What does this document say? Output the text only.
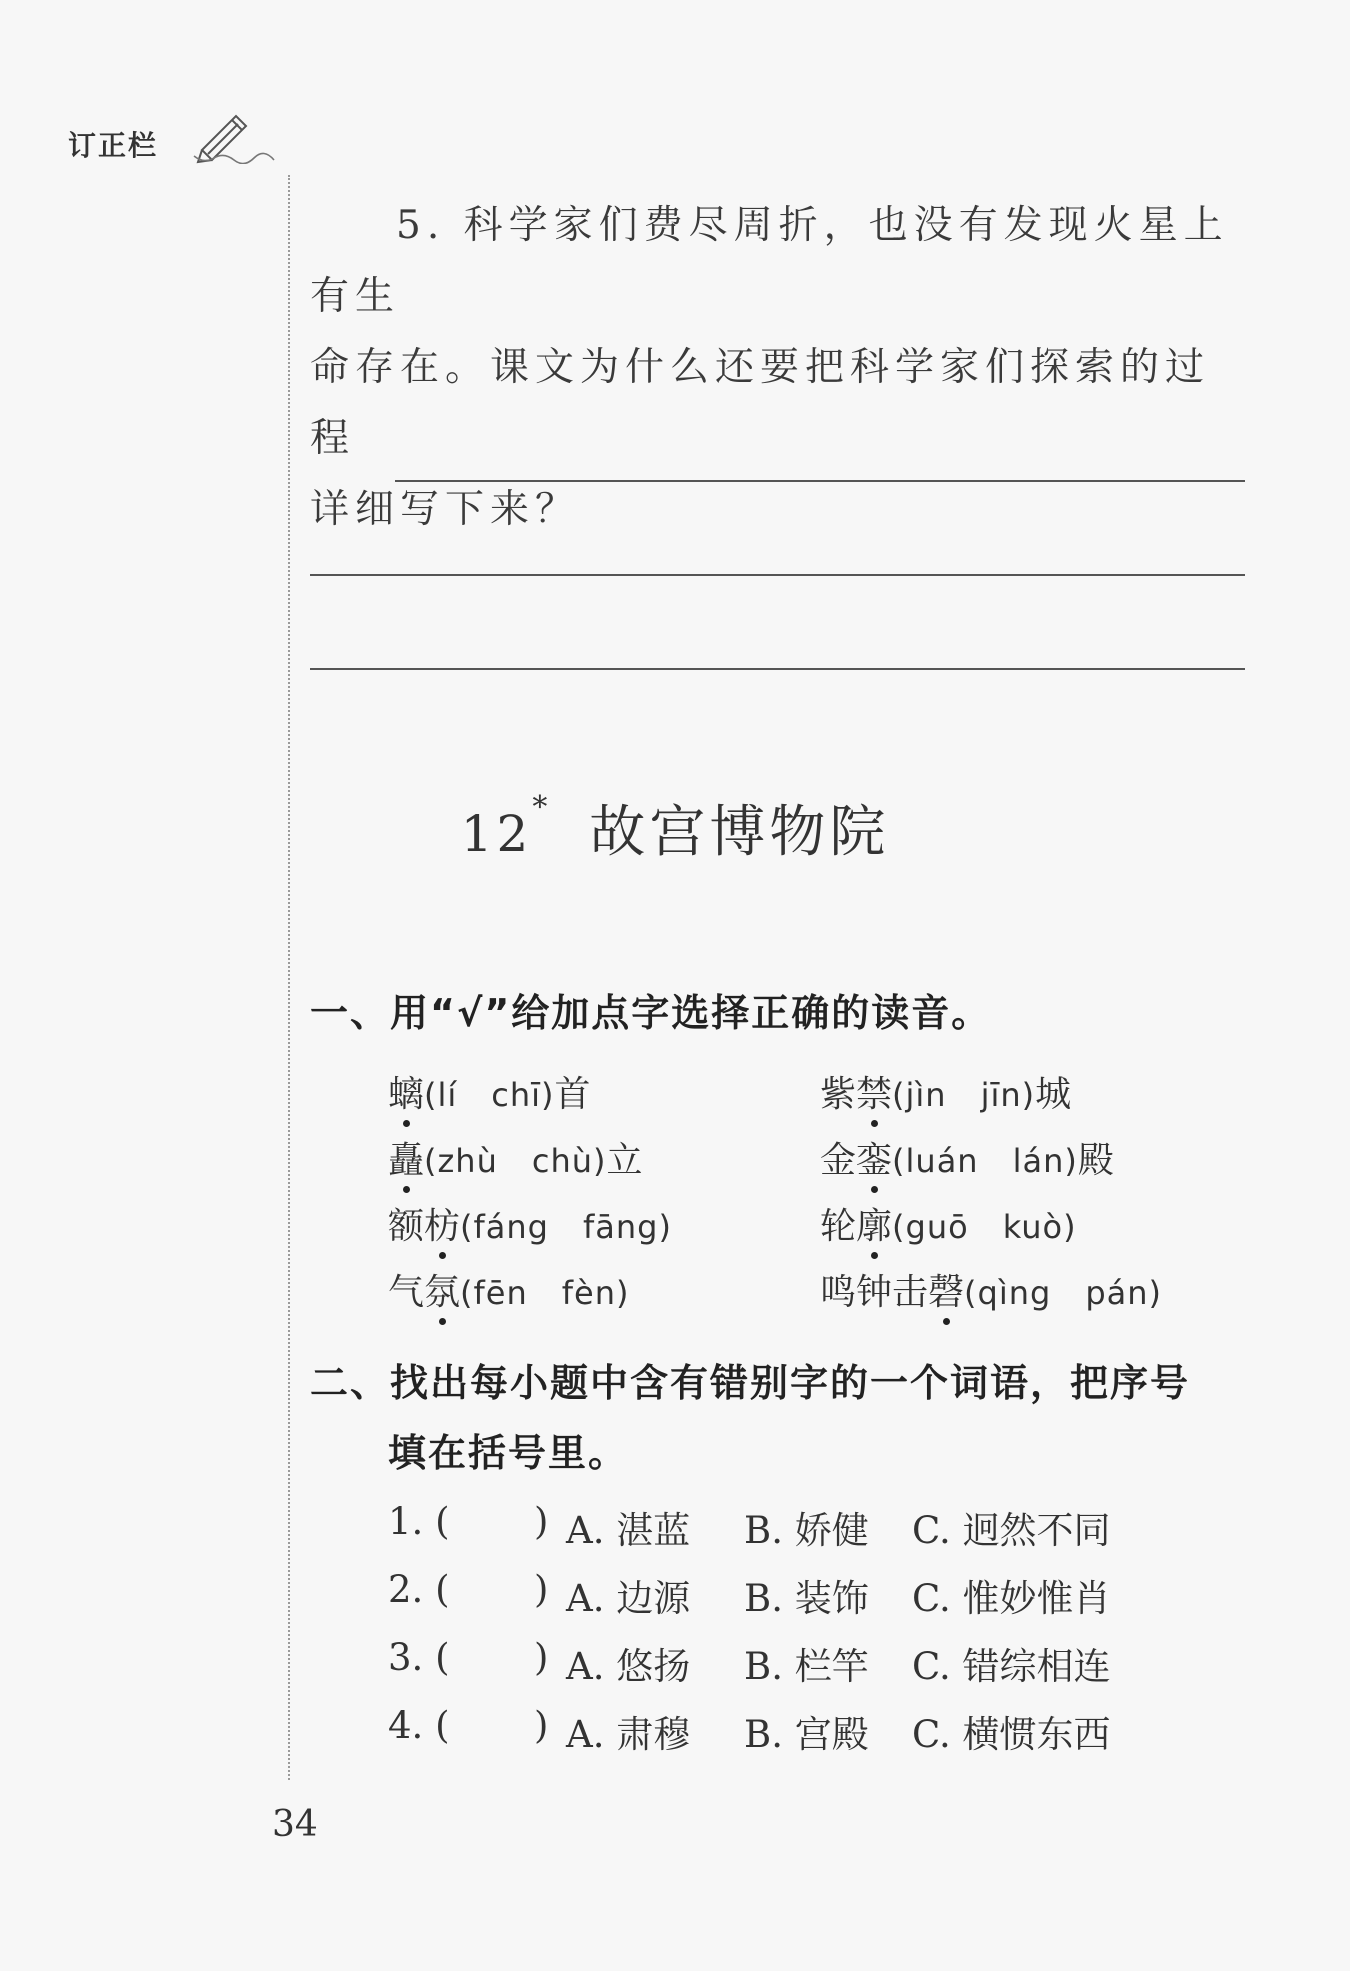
订正栏
5. 科学家们费尽周折，也没有发现火星上有生
命存在。课文为什么还要把科学家们探索的过程
详细写下来？
12* 故宫博物院
一、用“√”给加点字选择正确的读音。
螭(lí chī)首	紫禁(jìn jīn)城
矗(zhù chù)立	金銮(luán lán)殿
额枋(fáng fāng)	轮廓(guō kuò)
气氛(fēn fèn)	鸣钟击磬(qìng pán)
二、找出每小题中含有错别字的一个词语，把序号
填在括号里。
1. ( ) A. 湛蓝 B. 娇健 C. 迥然不同
2. ( ) A. 边源 B. 装饰 C. 惟妙惟肖
3. ( ) A. 悠扬 B. 栏竿 C. 错综相连
4. ( ) A. 肃穆 B. 宫殿 C. 横惯东西
34
